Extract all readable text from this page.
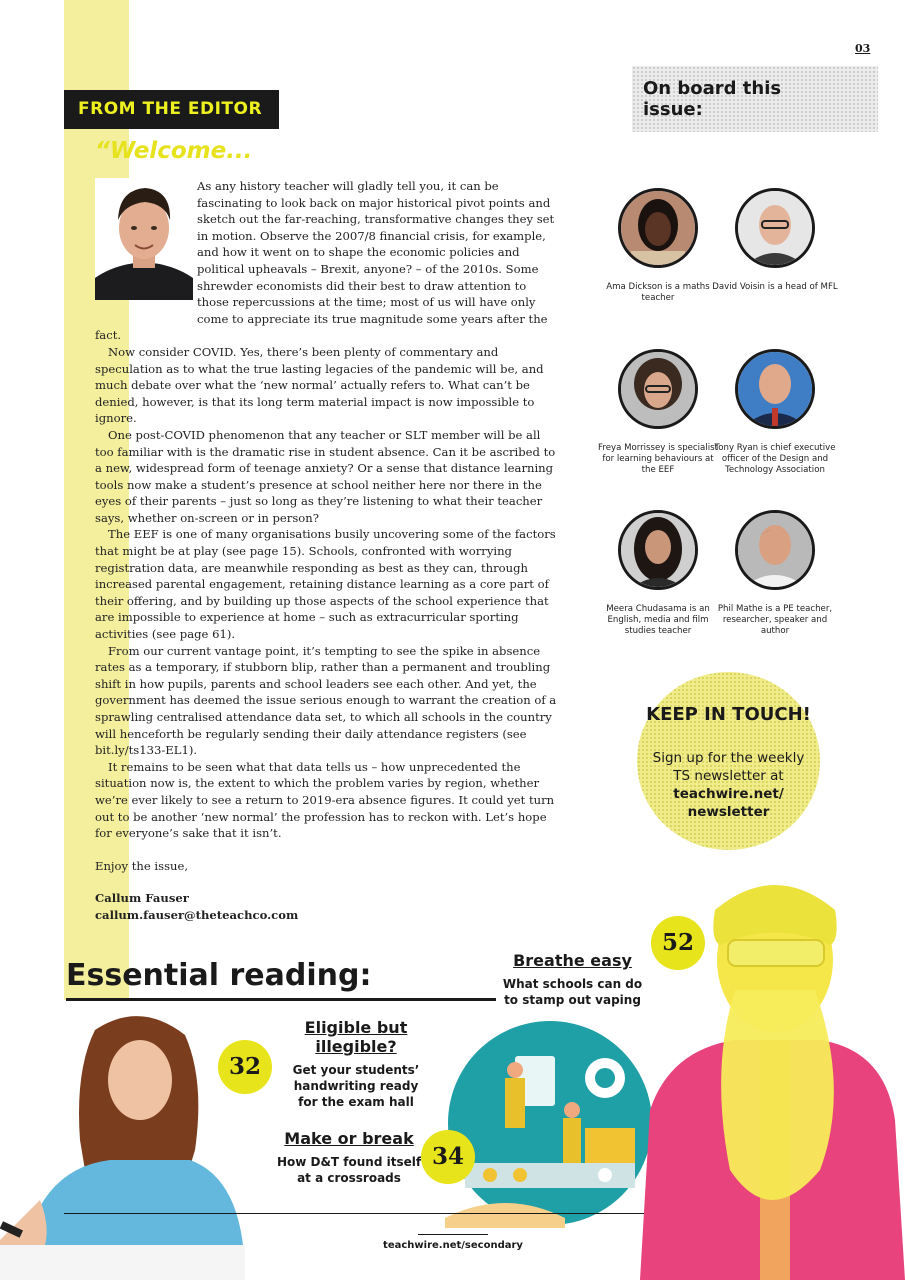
03
FROM THE EDITOR
“Welcome...

As any history teacher will gladly tell you, it can be fascinating to look back on major historical pivot points and sketch out the far-reaching, transformative changes they set in motion. Observe the 2007/8 financial crisis, for example, and how it went on to shape the economic policies and political upheavals – Brexit, anyone? – of the 2010s. Some shrewder economists did their best to draw attention to those repercussions at the time; most of us will have only come to appreciate its true magnitude some years after the fact.

Now consider COVID. Yes, there’s been plenty of commentary and speculation as to what the true lasting legacies of the pandemic will be, and much debate over what the ‘new normal’ actually refers to. What can’t be denied, however, is that its long term material impact is now impossible to ignore.

One post-COVID phenomenon that any teacher or SLT member will be all too familiar with is the dramatic rise in student absence. Can it be ascribed to a new, widespread form of teenage anxiety? Or a sense that distance learning tools now make a student’s presence at school neither here nor there in the eyes of their parents – just so long as they’re listening to what their teacher says, whether on-screen or in person?

The EEF is one of many organisations busily uncovering some of the factors that might be at play (see page 15). Schools, confronted with worrying registration data, are meanwhile responding as best as they can, through increased parental engagement, retaining distance learning as a core part of their offering, and by building up those aspects of the school experience that are impossible to experience at home – such as extracurricular sporting activities (see page 61).

From our current vantage point, it’s tempting to see the spike in absence rates as a temporary, if stubborn blip, rather than a permanent and troubling shift in how pupils, parents and school leaders see each other. And yet, the government has deemed the issue serious enough to warrant the creation of a sprawling centralised attendance data set, to which all schools in the country will henceforth be regularly sending their daily attendance registers (see bit.ly/ts133-EL1).

It remains to be seen what that data tells us – how unprecedented the situation now is, the extent to which the problem varies by region, whether we’re ever likely to see a return to 2019-era absence figures. It could yet turn out to be another ‘new normal’ the profession has to reckon with. Let’s hope for everyone’s sake that it isn’t.

Enjoy the issue,

Callum Fauser
callum.fauser@theteachco.com

On board this issue:
Ama Dickson is a maths teacher
David Voisin is a head of MFL
Freya Morrissey is specialist for learning behaviours at the EEF
Tony Ryan is chief executive officer of the Design and Technology Association
Meera Chudasama is an English, media and film studies teacher
Phil Mathe is a PE teacher, researcher, speaker and author
KEEP IN TOUCH!
Sign up for the weekly TS newsletter at teachwire.net/ newsletter
Essential reading:	Breathe easy
What schools can do to stamp out vaping
52
Eligible but illegible?
Get your students’ handwriting ready for the exam hall
32
Make or break
How D&T found itself at a crossroads
34
teachwire.net/secondary
